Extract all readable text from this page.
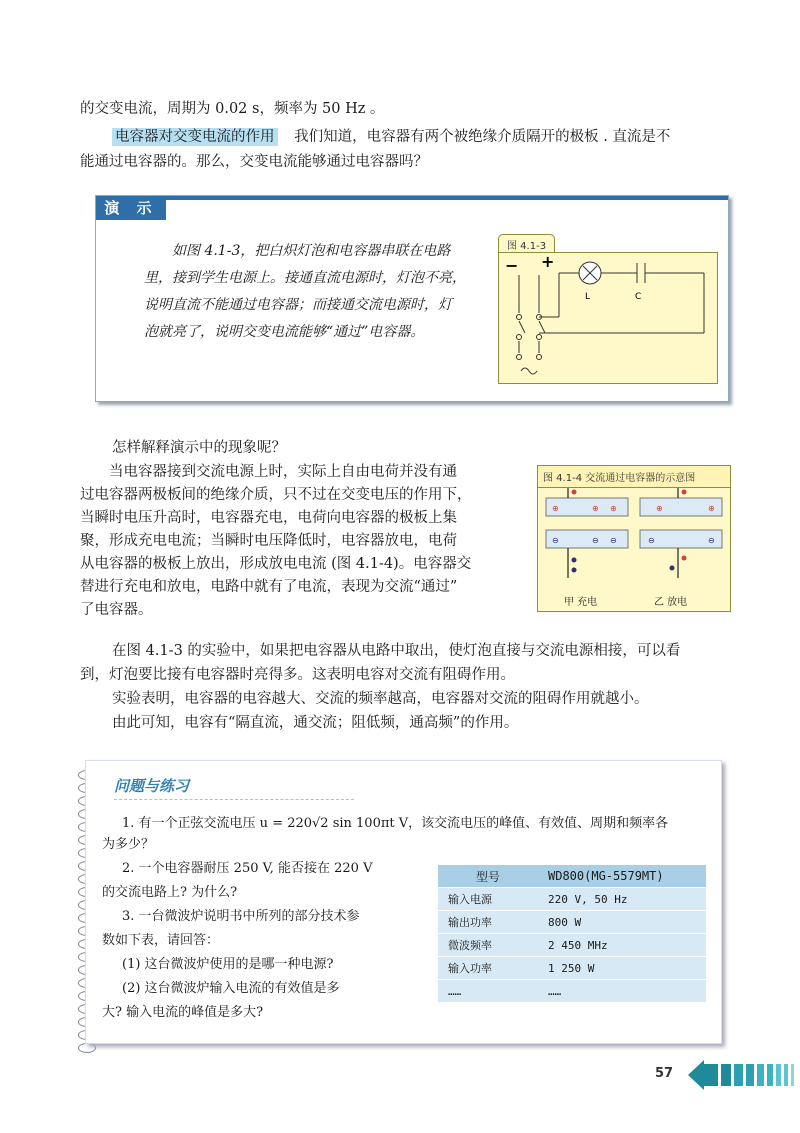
的交变电流，周期为 0.02 s，频率为 50 Hz 。
电容器对交变电流的作用 我们知道，电容器有两个被绝缘介质隔开的极板 . 直流是不
能通过电容器的。那么，交变电流能够通过电容器吗？
演 示
如图 4.1-3，把白炽灯泡和电容器串联在电路
里，接到学生电源上。接通直流电源时，灯泡不亮，
说明直流不能通过电容器；而接通交流电源时，灯
泡就亮了，说明交变电流能够“通过”电容器。
图 4.1-3
− +
L	C
怎样解释演示中的现象呢？
当电容器接到交流电源上时，实际上自由电荷并没有通
过电容器两极板间的绝缘介质，只不过在交变电压的作用下，
当瞬时电压升高时，电容器充电，电荷向电容器的极板上集
聚，形成充电电流；当瞬时电压降低时，电容器放电，电荷
从电容器的极板上放出，形成放电电流 (图 4.1-4)。电容器交
替进行充电和放电，电路中就有了电流，表现为交流“通过”
了电容器。
图 4.1-4 交流通过电容器的示意图
⊕	⊕ ⊕	⊕	⊕
⊖	⊖ ⊖	⊖	⊖
甲 充电	乙 放电
在图 4.1-3 的实验中，如果把电容器从电路中取出，使灯泡直接与交流电源相接，可以看
到，灯泡要比接有电容器时亮得多。这表明电容对交流有阻碍作用。
实验表明，电容器的电容越大、交流的频率越高，电容器对交流的阻碍作用就越小。
由此可知，电容有“隔直流，通交流；阻低频，通高频”的作用。
问题与练习
1. 有一个正弦交流电压 u = 220√2 sin 100πt V，该交流电压的峰值、有效值、周期和频率各
为多少？
2. 一个电容器耐压 250 V, 能否接在 220 V
的交流电路上? 为什么?
3. 一台微波炉说明书中所列的部分技术参
数如下表，请回答：
(1) 这台微波炉使用的是哪一种电源?
(2) 这台微波炉输入电流的有效值是多
大? 输入电流的峰值是多大?
型号	WD800(MG-5579MT)
输入电源	220 V, 50 Hz
输出功率	800 W
微波频率	2 450 MHz
输入功率	1 250 W
……	……
57
